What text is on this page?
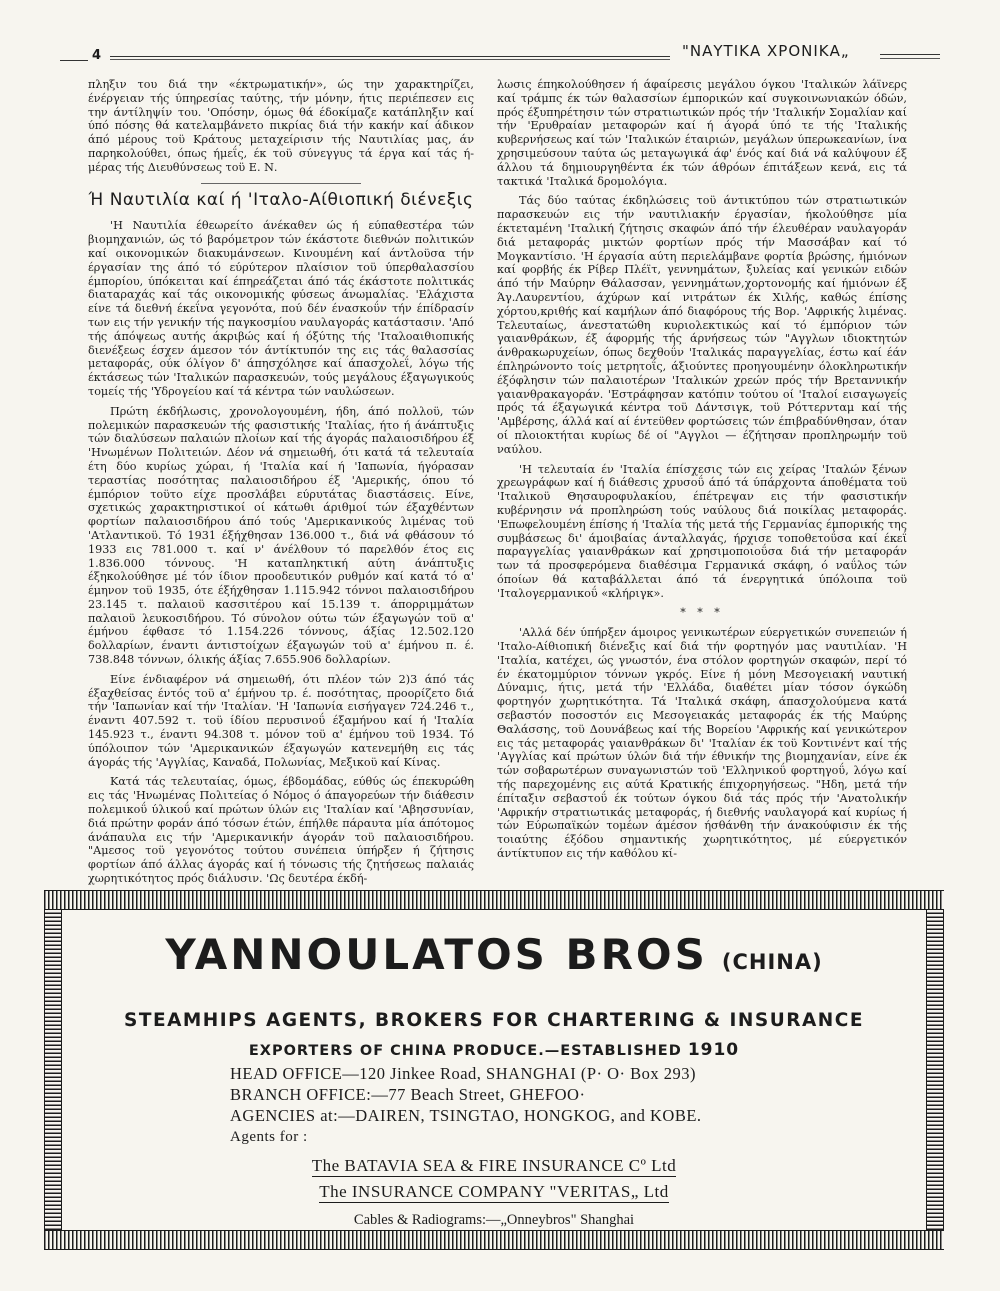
4	"ΝΑΥΤΙΚΑ ΧΡΟΝΙΚΑ„

πληξιν του διά την «έκτρωματικήν», ώς την χαρακτηρίζει, ένέργειαν τής ύπηρεσίας ταύτης, τήν μόνην, ήτις περιέπεσεν εις την άντίληψίν του. 'Οπόσην, όμως θά έδοκίμαζε κατάπληξιν καί ύπό πόσης θά κατελαμβάνετο πικρίας διά τήν κακήν καί άδικον άπό μέρους τοϋ Κράτους μεταχείρισιν τής Ναυτιλίας μας, άν παρηκολούθει, όπως ήμεΐς, έκ τοϋ σύνεγγυς τά έργα καί τάς ή-μέρας τής Διευθύνσεως τοϋ Ε. Ν.

Ή Ναυτιλία καί ή 'Ιταλο-Αίθιοπική διένεξις

'Η Ναυτιλία έθεωρείτο άνέκαθεν ώς ή εύπαθεστέρα τών βιομηχανιών, ώς τό βαρόμετρον τών έκάστοτε διεθνών πολιτικών καί οικονομικών διακυμάνσεων. Κινουμένη καί άντλοϋσα τήν έργασίαν της άπό τό εύρύτερον πλαίσιον τοϋ ύπερθαλασσίου έμπορίου, ύπόκειται καί έπηρεάζεται άπό τάς έκάστοτε πολιτικάς διαταραχάς καί τάς οικονομικής φύσεως άνωμαλίας. 'Ελάχιστα είνε τά διεθνή έκεΐνα γεγονότα, πού δέν ένασκοΰν τήν έπίδρασίν των εις τήν γενικήν τής παγκοσμίου ναυλαγοράς κατάστασιν. 'Από τής άπόψεως αυτής άκριβώς καί ή όξύτης τής 'Ιταλοαιθιοπικής διενέξεως έσχεν άμεσον τόν άντίκτυπόν της εις τάς θαλασσίας μεταφοράς, ούκ όλίγον δ' άπησχόλησε καί άπασχολεΐ, λόγω τής έκτάσεως τών 'Ιταλικών παρασκευών, τούς μεγάλους έξαγωγικούς τομείς τής 'Υδρογείου καί τά κέντρα τών ναυλώσεων.

Πρώτη έκδήλωσις, χρονολογουμένη, ήδη, άπό πολλοϋ, τών πολεμικών παρασκευών τής φασιστικής 'Ιταλίας, ήτο ή άνάπτυξις τών διαλύσεων παλαιών πλοίων καί τής άγοράς παλαιοσιδήρου έξ 'Ηνωμένων Πολιτειών. Δέον νά σημειωθή, ότι κατά τά τελευταία έτη δύο κυρίως χώραι, ή 'Ιταλία καί ή 'Ιαπωνία, ήγόρασαν τεραστίας ποσότητας παλαιοσιδήρου έξ 'Αμερικής, όπου τό έμπόριον τοϋτο είχε προσλάβει εύρυτάτας διαστάσεις. Είνε, σχετικώς χαρακτηριστικοί οί κάτωθι άριθμοί τών έξαχθέντων φορτίων παλαιοσιδήρου άπό τούς 'Αμερικανικούς λιμένας τοϋ 'Ατλαντικοϋ. Τό 1931 έξήχθησαν 136.000 τ., διά νά φθάσουν τό 1933 εις 781.000 τ. καί ν' άνέλθουν τό παρελθόν έτος εις 1.836.000 τόννους. 'Η καταπληκτική αύτη άνάπτυξις έξηκολούθησε μέ τόν ίδιον προοδευτικόν ρυθμόν καί κατά τό α' έμηνον τοϋ 1935, ότε έξήχθησαν 1.115.942 τόννοι παλαιοσιδήρου 23.145 τ. παλαιοϋ κασσιτέρου καί 15.139 τ. άπορριμμάτων παλαιοϋ λευκοσιδήρου. Τό σύνολον ούτω τών έξαγωγών τοϋ α' έμήνου έφθασε τό 1.154.226 τόννους, άξίας 12.502.120 δολλαρίων, έναντι άντιστοίχων έξαγωγών τοϋ α' έμήνου π. έ. 738.848 τόννων, όλικής άξίας 7.655.906 δολλαρίων.

Είνε ένδιαφέρον νά σημειωθή, ότι πλέον τών 2)3 άπό τάς έξαχθείσας έντός τοϋ α' έμήνου τρ. έ. ποσότητας, προορίζετο διά τήν 'Ιαπωνίαν καί τήν 'Ιταλίαν. 'Η 'Ιαπωνία εισήγαγεν 724.246 τ., έναντι 407.592 τ. τοϋ ίδίου περυσινοΰ έξαμήνου καί ή 'Ιταλία 145.923 τ., έναντι 94.308 τ. μόνον τοϋ α' έμήνου τοϋ 1934. Τό ύπόλοιπον τών 'Αμερικανικών έξαγωγών κατενεμήθη εις τάς άγοράς τής 'Αγγλίας, Καναδά, Πολωνίας, Μεξικοϋ καί Κίνας.

Κατά τάς τελευταίας, όμως, έβδομάδας, εύθύς ώς έπεκυρώθη εις τάς 'Ηνωμένας Πολιτείας ό Νόμος ό άπαγορεύων τήν διάθεσιν πολεμικοΰ ύλικοΰ καί πρώτων ύλών εις 'Ιταλίαν καί 'Αβησσυνίαν, διά πρώτην φοράν άπό τόσων έτών, έπήλθε πάραυτα μία άπότομος άνάπαυλα εις τήν 'Αμερικανικήν άγοράν τοϋ παλαιοσιδήρου. "Αμεσος τοϋ γεγονότος τούτου συνέπεια ύπήρξεν ή ζήτησις φορτίων άπό άλλας άγοράς καί ή τόνωσις τής ζητήσεως παλαιάς χωρητικότητος πρός διάλυσιν. 'Ως δευτέρα έκδή-

λωσις έπηκολούθησεν ή άφαίρεσις μεγάλου όγκου 'Ιταλικών λάϊνερς καί τράμπς έκ τών θαλασσίων έμπορικών καί συγκοινωνιακών όδών, πρός έξυπηρέτησιν τών στρατιωτικών πρός τήν 'Ιταλικήν Σομαλίαν καί τήν 'Ερυθραίαν μεταφορών καί ή άγορά ύπό τε τής 'Ιταλικής κυβερνήσεως καί τών 'Ιταλικών έταιριών, μεγάλων ύπερωκεανίων, ίνα χρησιμεύσουν ταύτα ώς μεταγωγικά άφ' ένός καί διά νά καλύψουν έξ άλλου τά δημιουργηθέντα έκ τών άθρόων έπιτάξεων κενά, εις τά τακτικά 'Ιταλικά δρομολόγια.

Τάς δύο ταύτας έκδηλώσεις τοϋ άντικτύπου τών στρατιωτικών παρασκευών εις τήν ναυτιλιακήν έργασίαν, ήκολούθησε μία έκτεταμένη 'Ιταλική ζήτησις σκαφών άπό τήν έλευθέραν ναυλαγοράν διά μεταφοράς μικτών φορτίων πρός τήν Μασσάβαν καί τό Μογκαντίσιο. 'Η έργασία αύτη περιελάμβανε φορτία βρώσης, ήμιόνων καί φορβής έκ Ρίβερ Πλέϊτ, γεννημάτων, ξυλείας καί γενικών ειδών άπό τήν Μαύρην Θάλασσαν, γεννημάτων,χορτονομής καί ήμιόνων έξ Άγ.Λαυρεντίου, άχύρων καί νιτράτων έκ Χιλής, καθώς έπίσης χόρτου,κριθής καί καμήλων άπό διαφόρους τής Βορ. 'Αφρικής λιμένας. Τελευταίως, άνεστατώθη κυριολεκτικώς καί τό έμπόριον τών γαιανθράκων, έξ άφορμής τής άρνήσεως τών "Αγγλων ιδιοκτητών άνθρακωρυχείων, όπως δεχθοΰν 'Ιταλικάς παραγγελίας, έστω καί έάν έπληρώνοντο τοίς μετρητοΐς, άξιούντες προηγουμένην όλοκληρωτικήν έξόφλησιν τών παλαιοτέρων 'Ιταλικών χρεών πρός τήν Βρεταννικήν γαιανθρακαγοράν. 'Εστράφησαν κατόπιν τούτου οί 'Ιταλοί εισαγωγείς πρός τά έξαγωγικά κέντρα τοϋ Δάντσιγκ, τοϋ Ρόττερνταμ καί τής 'Αμβέρσης, άλλά καί αί έντεϋθεν φορτώσεις τών έπιβραδύνθησαν, όταν οί πλοιοκτήται κυρίως δέ οί "Αγγλοι — έζήτησαν προπληρωμήν τοϋ ναύλου.

'Η τελευταία έν 'Ιταλία έπίσχεσις τών εις χείρας 'Ιταλών ξένων χρεωγράφων καί ή διάθεσις χρυσοΰ άπό τά ύπάρχοντα άποθέματα τοϋ 'Ιταλικοϋ Θησαυροφυλακίου, έπέτρεψαν εις τήν φασιστικήν κυβέρνησιν νά προπληρώση τούς ναύλους διά ποικίλας μεταφοράς. 'Επωφελουμένη έπίσης ή 'Ιταλία τής μετά τής Γερμανίας έμπορικής της συμβάσεως δι' άμοιβαίας άνταλλαγάς, ήρχισε τοποθετοΰσα καί έκεΐ παραγγελίας γαιανθράκων καί χρησιμοποιοΰσα διά τήν μεταφοράν των τά προσφερόμενα διαθέσιμα Γερμανικά σκάφη, ό ναΰλος τών όποίων θά καταβάλλεται άπό τά ένεργητικά ύπόλοιπα τοϋ 'Ιταλογερμανικοΰ «κλήριγκ».

* * *

'Αλλά δέν ύπήρξεν άμοιρος γενικωτέρων εύεργετικών συνεπειών ή 'Ιταλο-Αίθιοπική διένεξις καί διά τήν φορτηγόν μας ναυτιλίαν. 'Η 'Ιταλία, κατέχει, ώς γνωστόν, ένα στόλον φορτηγών σκαφών, περί τό έν έκατομμύριον τόννων γκρός. Είνε ή μόνη Μεσογειακή ναυτική Δύναμις, ήτις, μετά τήν 'Ελλάδα, διαθέτει μίαν τόσον όγκώδη φορτηγόν χωρητικότητα. Τά 'Ιταλικά σκάφη, άπασχολούμενα κατά σεβαστόν ποσοστόν εις Μεσογειακάς μεταφοράς έκ τής Μαύρης Θαλάσσης, τοϋ Δουνάβεως καί τής Βορείου 'Αφρικής καί γενικώτερον εις τάς μεταφοράς γαιανθράκων δι' 'Ιταλίαν έκ τοϋ Κοντινέντ καί τής 'Αγγλίας καί πρώτων ύλών διά τήν έθνικήν της βιομηχανίαν, είνε έκ τών σοβαρωτέρων συναγωνιστών τοϋ 'Ελληνικοΰ φορτηγοΰ, λόγω καί τής παρεχομένης εις αύτά Κρατικής έπιχορηγήσεως. "Ηδη, μετά τήν έπίταξιν σεβαστοΰ έκ τούτων όγκου διά τάς πρός τήν 'Ανατολικήν 'Αφρικήν στρατιωτικάς μεταφοράς, ή διεθνής ναυλαγορά καί κυρίως ή τών Εύρωπαϊκών τομέων άμέσον ήσθάνθη τήν άνακούφισιν έκ τής τοιαύτης έξόδου σημαντικής χωρητικότητος, μέ εύεργετικόν άντίκτυπον εις τήν καθόλου κί-

YANNOULATOS BROS (CHINA)
STEAMHIPS AGENTS, BROKERS FOR CHARTERING & INSURANCE
EXPORTERS OF CHINA PRODUCE.—ESTABLISHED 1910
HEAD OFFICE—120 Jinkee Road, SHANGHAI (P· O· Box 293)
BRANCH OFFICE:—77 Beach Street, GHEFOO·
AGENCIES at:—DAIREN, TSINGTAO, HONGKOG, and KOBE.
Agents for :
The BATAVIA SEA & FIRE INSURANCE Cº Ltd
The INSURANCE COMPANY "VERITAS„ Ltd
Cables & Radiograms:—„Onneybros" Shanghai
